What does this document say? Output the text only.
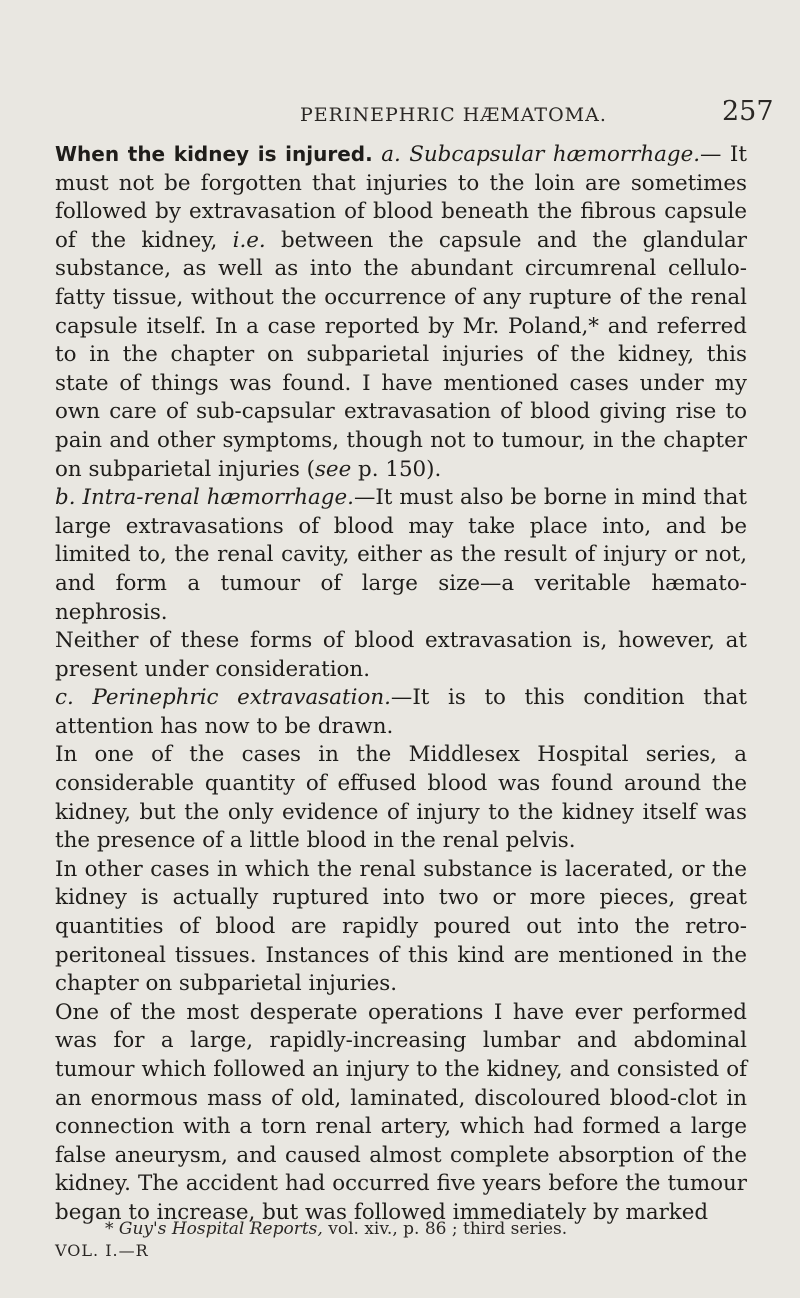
PERINEPHRIC HÆMATOMA.	257

When the kidney is injured. a. Subcapsular hæmorrhage.— It must not be forgotten that injuries to the loin are sometimes followed by extravasation of blood beneath the fibrous capsule of the kidney, i.e. between the capsule and the glandular substance, as well as into the abundant circumrenal cellulo-fatty tissue, without the occurrence of any rupture of the renal capsule itself. In a case reported by Mr. Poland,* and referred to in the chapter on subparietal injuries of the kidney, this state of things was found. I have mentioned cases under my own care of sub-capsular extravasation of blood giving rise to pain and other symptoms, though not to tumour, in the chapter on subparietal injuries (see p. 150).

b. Intra-renal hæmorrhage.—It must also be borne in mind that large extravasations of blood may take place into, and be limited to, the renal cavity, either as the result of injury or not, and form a tumour of large size—a veritable hæmato-nephrosis.

Neither of these forms of blood extravasation is, however, at present under consideration.

c. Perinephric extravasation.—It is to this condition that attention has now to be drawn.

In one of the cases in the Middlesex Hospital series, a considerable quantity of effused blood was found around the kidney, but the only evidence of injury to the kidney itself was the presence of a little blood in the renal pelvis.

In other cases in which the renal substance is lacerated, or the kidney is actually ruptured into two or more pieces, great quantities of blood are rapidly poured out into the retro-peritoneal tissues. Instances of this kind are mentioned in the chapter on subparietal injuries.

One of the most desperate operations I have ever performed was for a large, rapidly-increasing lumbar and abdominal tumour which followed an injury to the kidney, and consisted of an enormous mass of old, laminated, discoloured blood-clot in connection with a torn renal artery, which had formed a large false aneurysm, and caused almost complete absorption of the kidney. The accident had occurred five years before the tumour began to increase, but was followed immediately by marked

* Guy's Hospital Reports, vol. xiv., p. 86 ; third series.
VOL. I.—R
